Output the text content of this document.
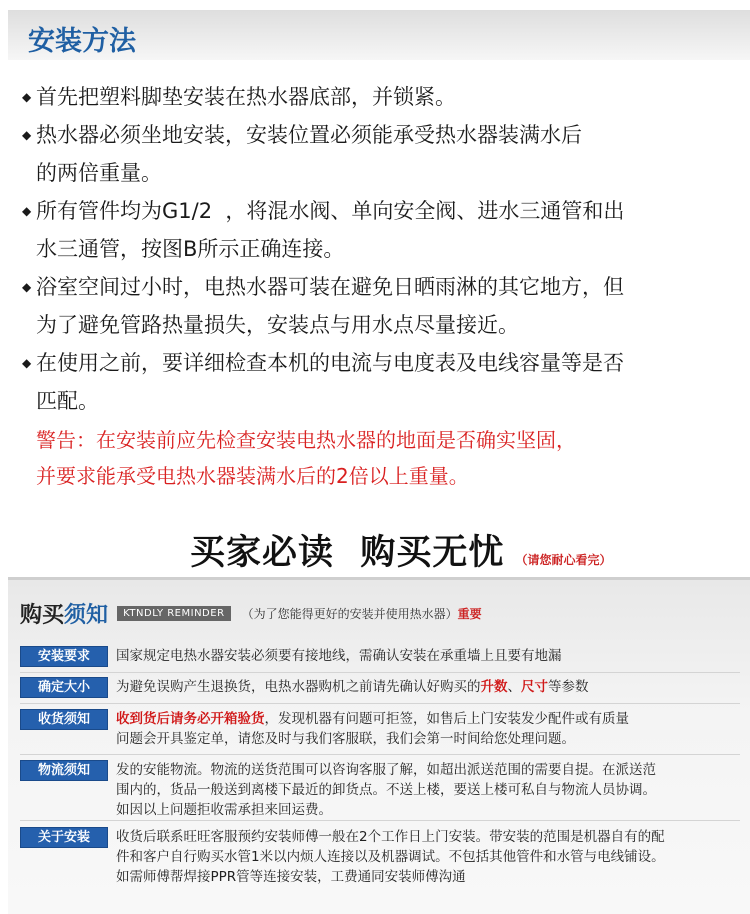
安装方法
◆ 首先把塑料脚垫安装在热水器底部，并锁紧。
◆ 热水器必须坐地安装，安装位置必须能承受热水器装满水后
的两倍重量。
◆ 所有管件均为G1/2  ，将混水阀、单向安全阀、进水三通管和出
水三通管，按图B所示正确连接。
◆ 浴室空间过小时，电热水器可装在避免日晒雨淋的其它地方，但
为了避免管路热量损失，安装点与用水点尽量接近。
◆ 在使用之前，要详细检查本机的电流与电度表及电线容量等是否
匹配。
警告：在安装前应先检查安装电热水器的地面是否确实坚固，
并要求能承受电热水器装满水后的2倍以上重量。
买家必读  购买无忧 （请您耐心看完）
购买须知 KTNDLY REMINDER （为了您能得更好的安装并使用热水器）重要
安装要求	国家规定电热水器安装必须要有接地线，需确认安装在承重墙上且要有地漏
确定大小	为避免误购产生退换货，电热水器购机之前请先确认好购买的升数、尺寸等参数
收货须知	收到货后请务必开箱验货，发现机器有问题可拒签，如售后上门安装发少配件或有质量
问题会开具鉴定单，请您及时与我们客服联，我们会第一时间给您处理问题。
物流须知	发的安能物流。物流的送货范围可以咨询客服了解，如超出派送范围的需要自提。在派送范
围内的，货品一般送到离楼下最近的卸货点。不送上楼，要送上楼可私自与物流人员协调。
如因以上问题拒收需承担来回运费。
关于安装	收货后联系旺旺客服预约安装师傅一般在2个工作日上门安装。带安装的范围是机器自有的配
件和客户自行购买水管1米以内烦人连接以及机器调试。不包括其他管件和水管与电线铺设。
如需师傅帮焊接PPR管等连接安装，工费通同安装师傅沟通
